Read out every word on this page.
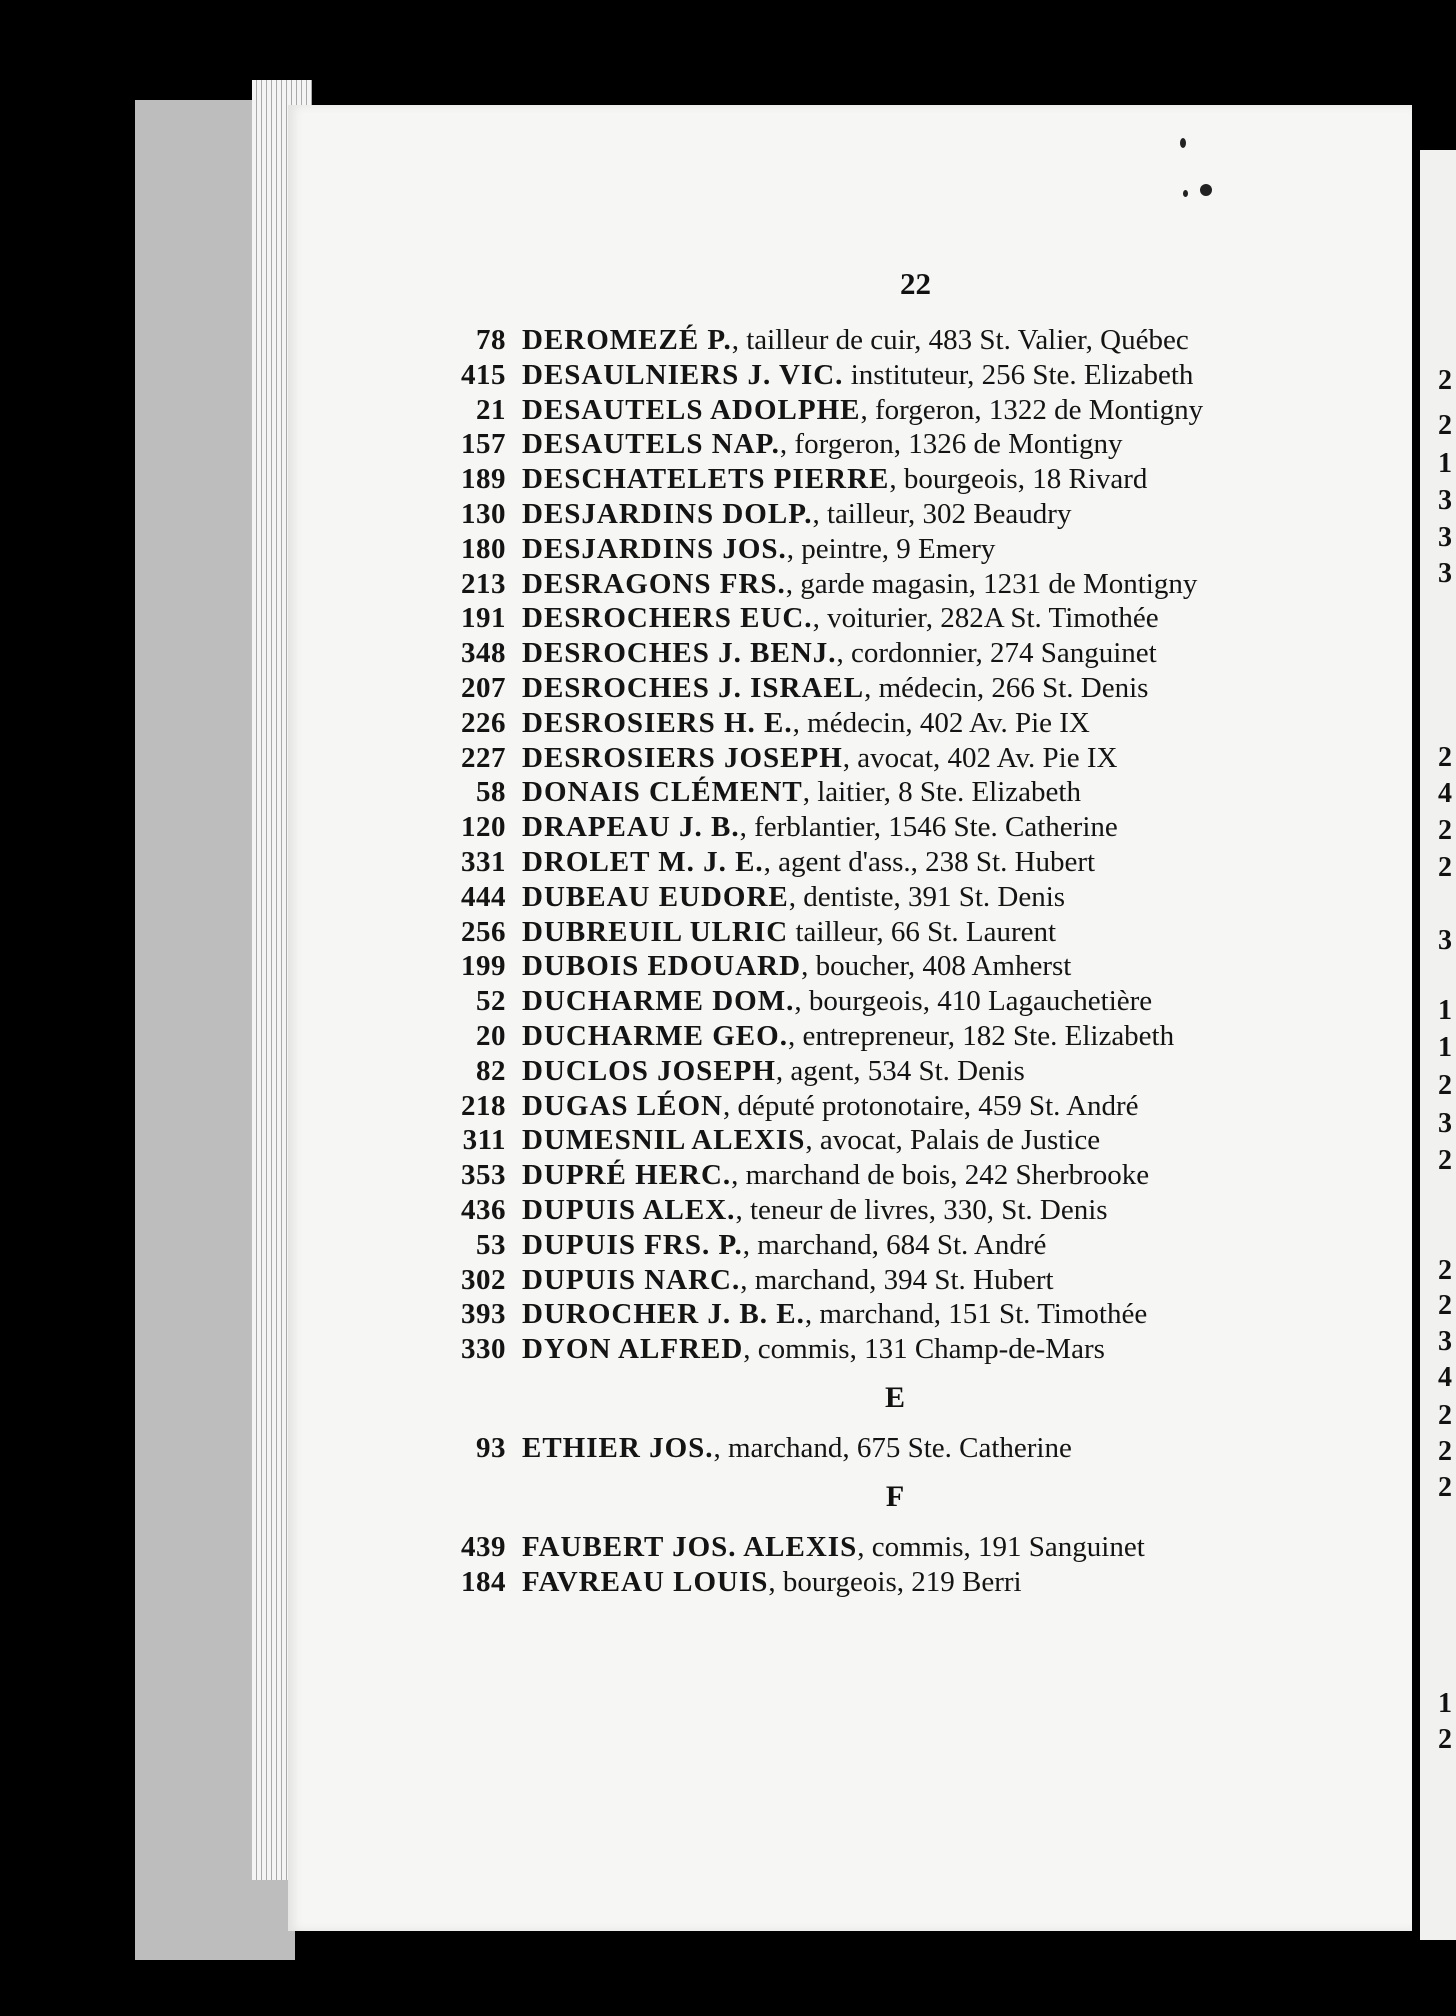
22
78 DEROMEZÉ P., tailleur de cuir, 483 St. Valier, Québec
415 DESAULNIERS J. VIC. instituteur, 256 Ste. Elizabeth
21 DESAUTELS ADOLPHE, forgeron, 1322 de Montigny
157 DESAUTELS NAP., forgeron, 1326 de Montigny
189 DESCHATELETS PIERRE, bourgeois, 18 Rivard
130 DESJARDINS DOLP., tailleur, 302 Beaudry
180 DESJARDINS JOS., peintre, 9 Emery
213 DESRAGONS FRS., garde magasin, 1231 de Montigny
191 DESROCHERS EUC., voiturier, 282A St. Timothée
348 DESROCHES J. BENJ., cordonnier, 274 Sanguinet
207 DESROCHES J. ISRAEL, médecin, 266 St. Denis
226 DESROSIERS H. E., médecin, 402 Av. Pie IX
227 DESROSIERS JOSEPH, avocat, 402 Av. Pie IX
58 DONAIS CLÉMENT, laitier, 8 Ste. Elizabeth
120 DRAPEAU J. B., ferblantier, 1546 Ste. Catherine
331 DROLET M. J. E., agent d'ass., 238 St. Hubert
444 DUBEAU EUDORE, dentiste, 391 St. Denis
256 DUBREUIL ULRIC tailleur, 66 St. Laurent
199 DUBOIS EDOUARD, boucher, 408 Amherst
52 DUCHARME DOM., bourgeois, 410 Lagauchetière
20 DUCHARME GEO., entrepreneur, 182 Ste. Elizabeth
82 DUCLOS JOSEPH, agent, 534 St. Denis
218 DUGAS LÉON, député protonotaire, 459 St. André
311 DUMESNIL ALEXIS, avocat, Palais de Justice
353 DUPRÉ HERC., marchand de bois, 242 Sherbrooke
436 DUPUIS ALEX., teneur de livres, 330, St. Denis
53 DUPUIS FRS. P., marchand, 684 St. André
302 DUPUIS NARC., marchand, 394 St. Hubert
393 DUROCHER J. B. E., marchand, 151 St. Timothée
330 DYON ALFRED, commis, 131 Champ-de-Mars
E
93 ETHIER JOS., marchand, 675 Ste. Catherine
F
439 FAUBERT JOS. ALEXIS, commis, 191 Sanguinet
184 FAVREAU LOUIS, bourgeois, 219 Berri
2
2
1
3
3
3
2
4
2
2
3
1
1
2
3
2
2
2
3
4
2
2
2
1
2
